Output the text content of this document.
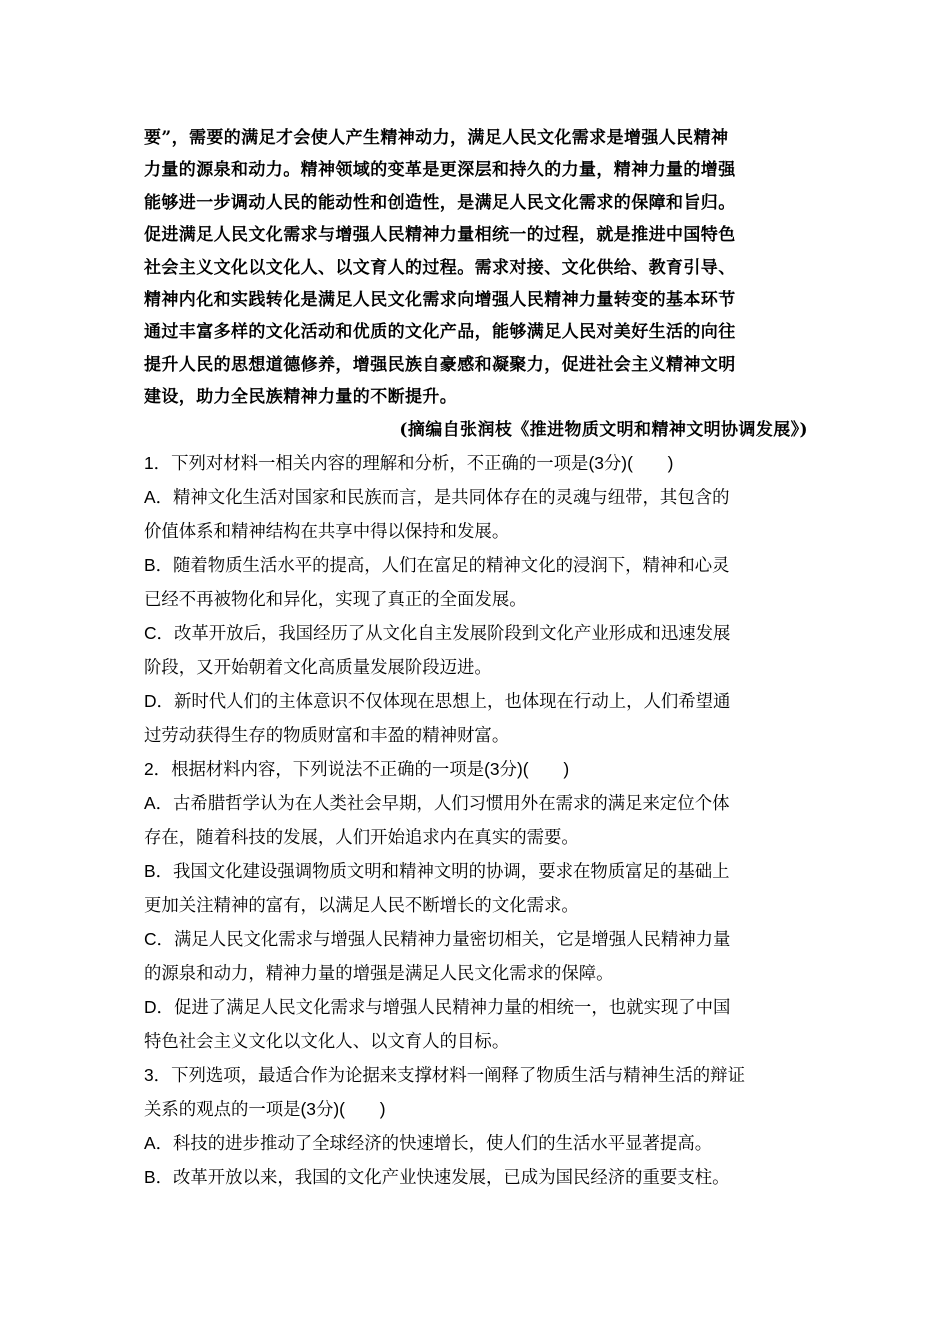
要”，需要的满足才会使人产生精神动力，满足人民文化需求是增强人民精神

力量的源泉和动力。精神领域的变革是更深层和持久的力量，精神力量的增强

能够进一步调动人民的能动性和创造性，是满足人民文化需求的保障和旨归。

促进满足人民文化需求与增强人民精神力量相统一的过程，就是推进中国特色

社会主义文化以文化人、以文育人的过程。需求对接、文化供给、教育引导、

精神内化和实践转化是满足人民文化需求向增强人民精神力量转变的基本环节

通过丰富多样的文化活动和优质的文化产品，能够满足人民对美好生活的向往

提升人民的思想道德修养，增强民族自豪感和凝聚力，促进社会主义精神文明

建设，助力全民族精神力量的不断提升。

(摘编自张润枝《推进物质文明和精神文明协调发展》)

1．下列对材料一相关内容的理解和分析，不正确的一项是(3分)(　　)

A．精神文化生活对国家和民族而言，是共同体存在的灵魂与纽带，其包含的

价值体系和精神结构在共享中得以保持和发展。

B．随着物质生活水平的提高，人们在富足的精神文化的浸润下，精神和心灵

已经不再被物化和异化，实现了真正的全面发展。

C．改革开放后，我国经历了从文化自主发展阶段到文化产业形成和迅速发展

阶段，又开始朝着文化高质量发展阶段迈进。

D．新时代人们的主体意识不仅体现在思想上，也体现在行动上，人们希望通

过劳动获得生存的物质财富和丰盈的精神财富。

2．根据材料内容，下列说法不正确的一项是(3分)(　　)

A．古希腊哲学认为在人类社会早期，人们习惯用外在需求的满足来定位个体

存在，随着科技的发展，人们开始追求内在真实的需要。

B．我国文化建设强调物质文明和精神文明的协调，要求在物质富足的基础上

更加关注精神的富有，以满足人民不断增长的文化需求。

C．满足人民文化需求与增强人民精神力量密切相关，它是增强人民精神力量

的源泉和动力，精神力量的增强是满足人民文化需求的保障。

D．促进了满足人民文化需求与增强人民精神力量的相统一，也就实现了中国

特色社会主义文化以文化人、以文育人的目标。

3．下列选项，最适合作为论据来支撑材料一阐释了物质生活与精神生活的辩证

关系的观点的一项是(3分)(　　)

A．科技的进步推动了全球经济的快速增长，使人们的生活水平显著提高。

B．改革开放以来，我国的文化产业快速发展，已成为国民经济的重要支柱。
